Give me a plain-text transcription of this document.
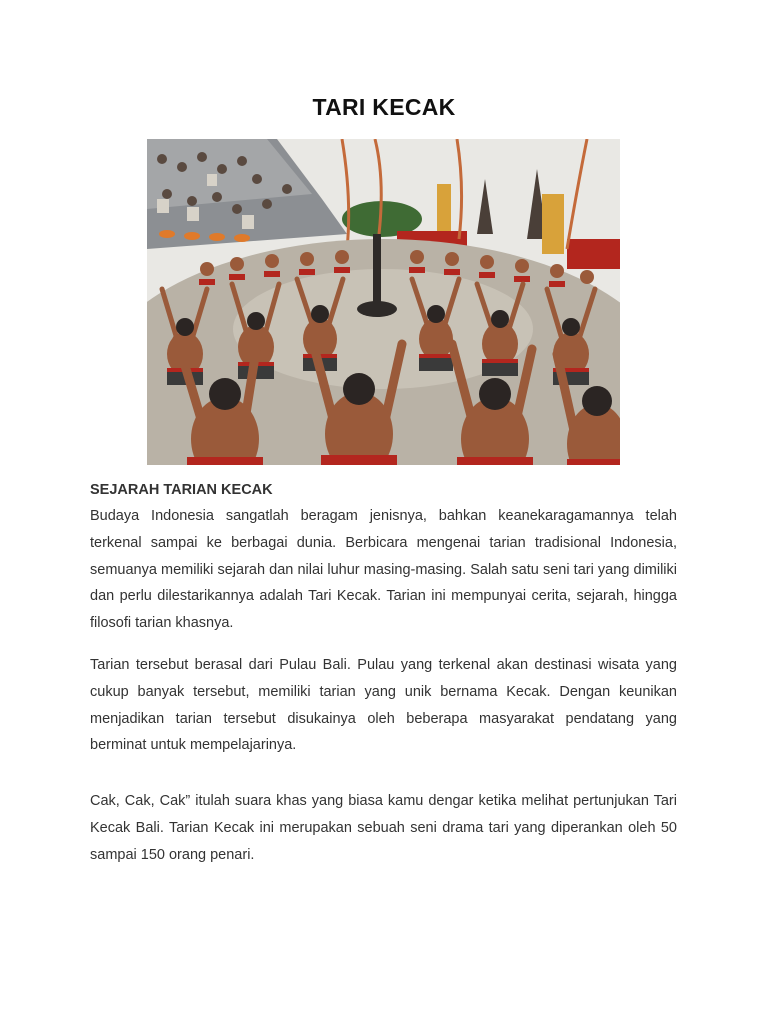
TARI KECAK
SEJARAH TARIAN KECAK

Budaya Indonesia sangatlah beragam jenisnya, bahkan keanekaragamannya telah terkenal sampai ke berbagai dunia. Berbicara mengenai tarian tradisional Indonesia, semuanya memiliki sejarah dan nilai luhur masing-masing. Salah satu seni tari yang dimiliki dan perlu dilestarikannya adalah Tari Kecak. Tarian ini mempunyai cerita, sejarah, hingga filosofi tarian khasnya.

Tarian tersebut berasal dari Pulau Bali. Pulau yang terkenal akan destinasi wisata yang cukup banyak tersebut, memiliki tarian yang unik bernama Kecak. Dengan keunikan menjadikan tarian tersebut disukainya oleh beberapa masyarakat pendatang yang berminat untuk mempelajarinya.

Cak, Cak, Cak” itulah suara khas yang biasa kamu dengar ketika melihat pertunjukan Tari Kecak Bali. Tarian Kecak ini merupakan sebuah seni drama tari yang diperankan oleh 50 sampai 150 orang penari.
